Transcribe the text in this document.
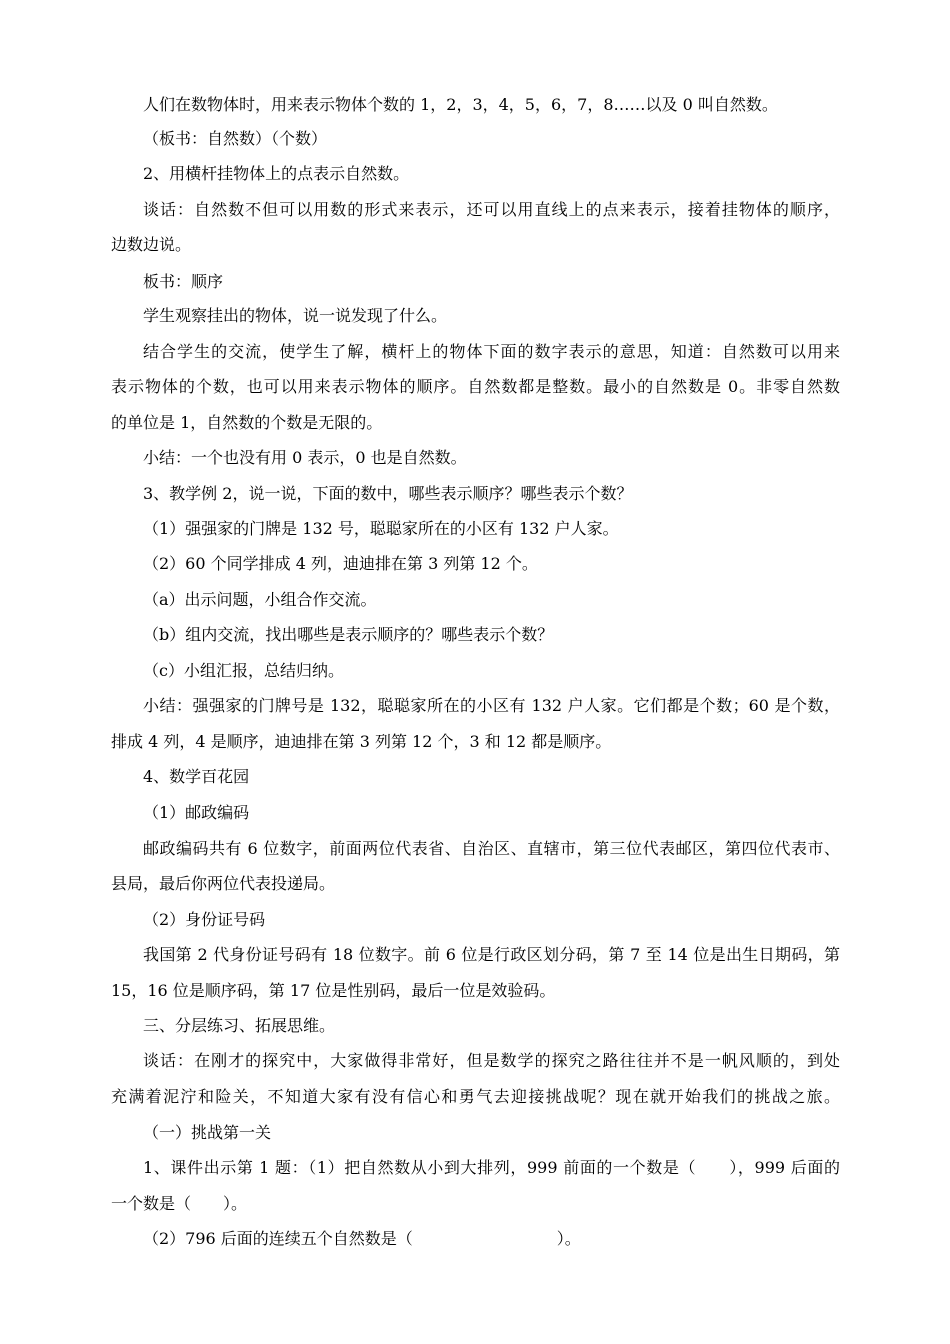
人们在数物体时，用来表示物体个数的 1，2，3，4，5，6，7，8……以及 0 叫自然数。
（板书：自然数）（个数）
2、用横杆挂物体上的点表示自然数。
谈话：自然数不但可以用数的形式来表示，还可以用直线上的点来表示，接着挂物体的顺序，
边数边说。
板书：顺序
学生观察挂出的物体，说一说发现了什么。
结合学生的交流，使学生了解，横杆上的物体下面的数字表示的意思，知道：自然数可以用来
表示物体的个数，也可以用来表示物体的顺序。自然数都是整数。最小的自然数是 0。非零自然数
的单位是 1，自然数的个数是无限的。
小结：一个也没有用 0 表示，0 也是自然数。
3、教学例 2，说一说，下面的数中，哪些表示顺序？哪些表示个数？
（1）强强家的门牌是 132 号，聪聪家所在的小区有 132 户人家。
（2）60 个同学排成 4 列，迪迪排在第 3 列第 12 个。
（a）出示问题，小组合作交流。
（b）组内交流，找出哪些是表示顺序的？哪些表示个数？
（c）小组汇报，总结归纳。
小结：强强家的门牌号是 132，聪聪家所在的小区有 132 户人家。它们都是个数；60 是个数，
排成 4 列，4 是顺序，迪迪排在第 3 列第 12 个，3 和 12 都是顺序。
4、数学百花园
（1）邮政编码
邮政编码共有 6 位数字，前面两位代表省、自治区、直辖市，第三位代表邮区，第四位代表市、
县局，最后你两位代表投递局。
（2）身份证号码
我国第 2 代身份证号码有 18 位数字。前 6 位是行政区划分码，第 7 至 14 位是出生日期码，第
15，16 位是顺序码，第 17 位是性别码，最后一位是效验码。
三、分层练习、拓展思维。
谈话：在刚才的探究中，大家做得非常好，但是数学的探究之路往往并不是一帆风顺的，到处
充满着泥泞和险关，不知道大家有没有信心和勇气去迎接挑战呢？现在就开始我们的挑战之旅。
（一）挑战第一关
1、课件出示第 1 题：（1）把自然数从小到大排列，999 前面的一个数是（　　），999 后面的
一个数是（　　）。
（2）796 后面的连续五个自然数是（　　　　　　　　　）。
